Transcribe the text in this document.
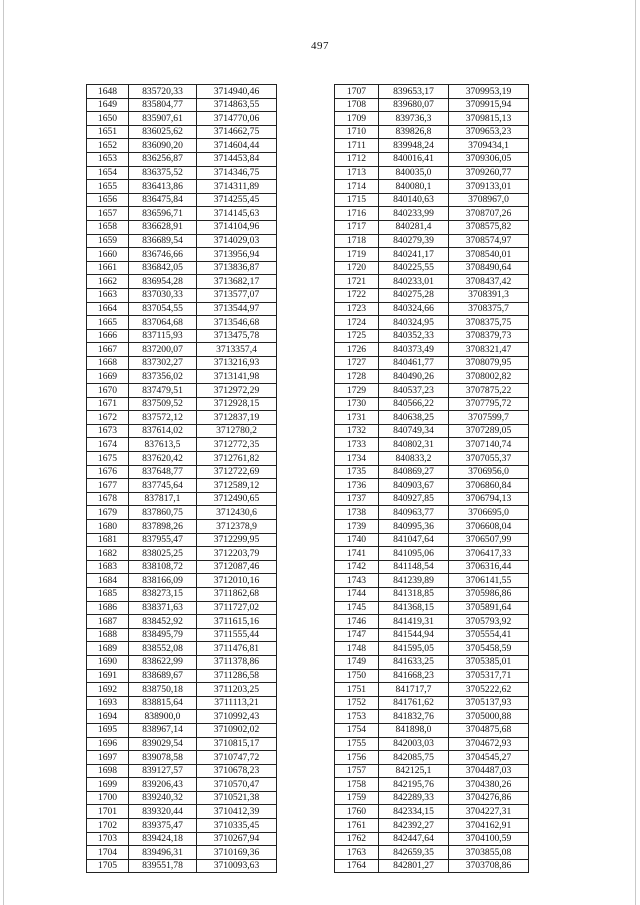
497
1648	835720,33	3714940,46
1649	835804,77	3714863,55
1650	835907,61	3714770,06
1651	836025,62	3714662,75
1652	836090,20	3714604,44
1653	836256,87	3714453,84
1654	836375,52	3714346,75
1655	836413,86	3714311,89
1656	836475,84	3714255,45
1657	836596,71	3714145,63
1658	836628,91	3714104,96
1659	836689,54	3714029,03
1660	836746,66	3713956,94
1661	836842,05	3713836,87
1662	836954,28	3713682,17
1663	837030,33	3713577,07
1664	837054,55	3713544,97
1665	837064,68	3713546,68
1666	837115,93	3713475,78
1667	837200,07	3713357,4
1668	837302,27	3713216,93
1669	837356,02	3713141,98
1670	837479,51	3712972,29
1671	837509,52	3712928,15
1672	837572,12	3712837,19
1673	837614,02	3712780,2
1674	837613,5	3712772,35
1675	837620,42	3712761,82
1676	837648,77	3712722,69
1677	837745,64	3712589,12
1678	837817,1	3712490,65
1679	837860,75	3712430,6
1680	837898,26	3712378,9
1681	837955,47	3712299,95
1682	838025,25	3712203,79
1683	838108,72	3712087,46
1684	838166,09	3712010,16
1685	838273,15	3711862,68
1686	838371,63	3711727,02
1687	838452,92	3711615,16
1688	838495,79	3711555,44
1689	838552,08	3711476,81
1690	838622,99	3711378,86
1691	838689,67	3711286,58
1692	838750,18	3711203,25
1693	838815,64	3711113,21
1694	838900,0	3710992,43
1695	838967,14	3710902,02
1696	839029,54	3710815,17
1697	839078,58	3710747,72
1698	839127,57	3710678,23
1699	839206,43	3710570,47
1700	839240,32	3710521,38
1701	839320,44	3710412,39
1702	839375,47	3710335,45
1703	839424,18	3710267,94
1704	839496,31	3710169,36
1705	839551,78	3710093,63
1707	839653,17	3709953,19
1708	839680,07	3709915,94
1709	839736,3	3709815,13
1710	839826,8	3709653,23
1711	839948,24	3709434,1
1712	840016,41	3709306,05
1713	840035,0	3709260,77
1714	840080,1	3709133,01
1715	840140,63	3708967,0
1716	840233,99	3708707,26
1717	840281,4	3708575,82
1718	840279,39	3708574,97
1719	840241,17	3708540,01
1720	840225,55	3708490,64
1721	840233,01	3708437,42
1722	840275,28	3708391,3
1723	840324,66	3708375,7
1724	840324,95	3708375,75
1725	840352,33	3708379,73
1726	840373,49	3708321,47
1727	840461,77	3708079,95
1728	840490,26	3708002,82
1729	840537,23	3707875,22
1730	840566,22	3707795,72
1731	840638,25	3707599,7
1732	840749,34	3707289,05
1733	840802,31	3707140,74
1734	840833,2	3707055,37
1735	840869,27	3706956,0
1736	840903,67	3706860,84
1737	840927,85	3706794,13
1738	840963,77	3706695,0
1739	840995,36	3706608,04
1740	841047,64	3706507,99
1741	841095,06	3706417,33
1742	841148,54	3706316,44
1743	841239,89	3706141,55
1744	841318,85	3705986,86
1745	841368,15	3705891,64
1746	841419,31	3705793,92
1747	841544,94	3705554,41
1748	841595,05	3705458,59
1749	841633,25	3705385,01
1750	841668,23	3705317,71
1751	841717,7	3705222,62
1752	841761,62	3705137,93
1753	841832,76	3705000,88
1754	841898,0	3704875,68
1755	842003,03	3704672,93
1756	842085,75	3704545,27
1757	842125,1	3704487,03
1758	842195,76	3704380,26
1759	842289,33	3704276,86
1760	842334,15	3704227,31
1761	842392,27	3704162,91
1762	842447,64	3704100,59
1763	842659,35	3703855,08
1764	842801,27	3703708,86
